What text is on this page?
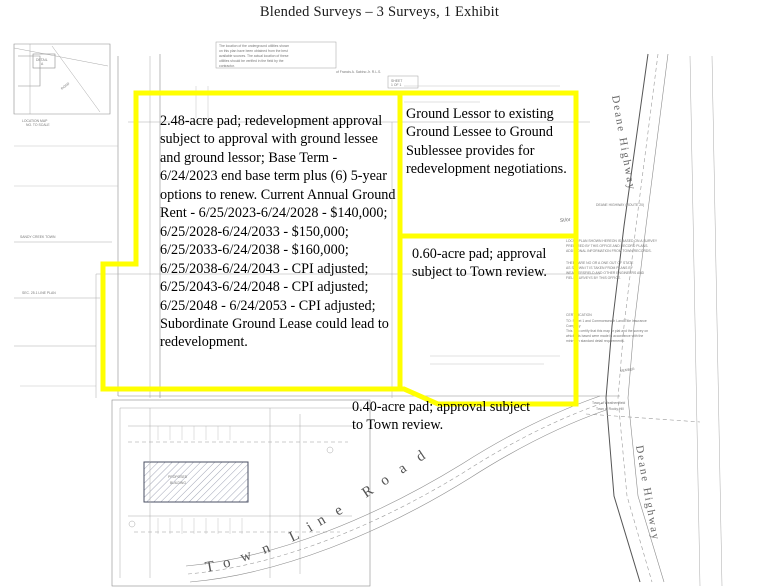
Blended Surveys – 3 Surveys, 1 Exhibit
DETAIL
A
LOCATION MAP
NO. TO SCALE
ROAD
The location of the underground utilities shown
on this plan have been obtained from the best
available sources. The actual location of these
utilities should be verified in the field by the
contractor.
of Francis A. Sabino Jr. R.L.S.
SHEET
1 OF 1
DEANE HIGHWAY (ROUTE 20)
Deane Highway
Deane Highway
St/or
LOCUS PLAN SHOWN HEREON IS BASED ON A SURVEY
PREPARED BY THIS OFFICE AND RECORD PLANS.
ADDITIONAL INFORMATION FROM TOWN RECORDS.
THERE ARE NO OR A ONE OUT OF STATE
AS SHOWN IT IS TAKEN FROM PLANS BY
WEATHERSFIELD AND OTHER ENGINEERS AND
FIELD SURVEYS BY THIS OFFICE.
CERTIFICATION
TO: Sheet 1 and Commonwealth Land Title Insurance
Company
This is to certify that this map or plat and the survey on
which it is based were made in accordance with the
minimum standard detail requirements.
MEMBER
SANDY CREEK TOWN
SEC. 25.1 LINE PLAN
PROPOSED
BUILDING
T o w n
L i
n
e
R
o
a
d
Town of Weathersfield
Town of Rocky Hill
2.48-acre pad; redevelopment approval subject to approval with ground lessee and ground lessor; Base Term - 6/24/2023 end base term plus (6) 5-year options to renew. Current Annual Ground Rent - 6/25/2023-6/24/2028 - $140,000; 6/25/2028-6/24/2033 - $150,000; 6/25/2033-6/24/2038 - $160,000; 6/25/2038-6/24/2043 - CPI adjusted; 6/25/2043-6/24/2048 - CPI adjusted; 6/25/2048 - 6/24/2053 - CPI adjusted; Subordinate Ground Lease could lead to redevelopment.
Ground Lessor to existing Ground Lessee to Ground Sublessee provides for redevelopment negotiations.
0.60-acre pad; approval subject to Town review.
0.40-acre pad; approval subject to Town review.
